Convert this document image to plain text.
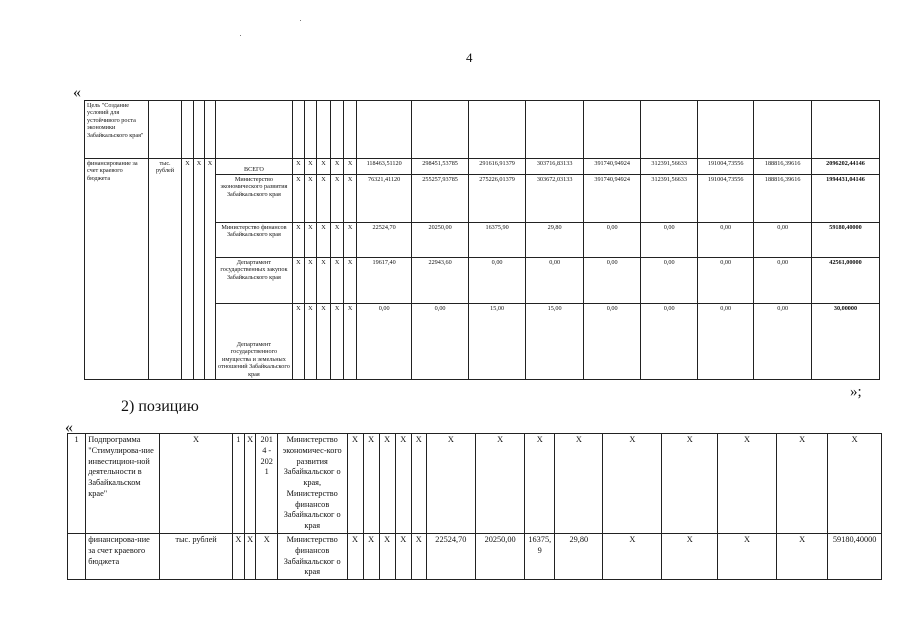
4
«
Цель "Создание условий для устойчивого роста экономики Забайкальского края"																			
финансирование за счет краевого бюджета	тыс. рублей	X	X	X	ВСЕГО	X	X	X	X	X	118463,51120	298451,53785	291616,91379	303716,83133	391740,94924	312391,56633	191004,73556	188816,39616	2096202,44146
					Министерство экономического развития Забайкальского края	X	X	X	X	X	76321,41120	255257,93785	275226,01379	303672,03133	391740,94924	312391,56633	191004,73556	188816,39616	1994431,04146
					Министерство финансов Забайкальского края	X	X	X	X	X	22524,70	20250,00	16375,90	29,80	0,00	0,00	0,00	0,00	59180,40000
					Департамент государственных закупок Забайкальского края	X	X	X	X	X	19617,40	22943,60	0,00	0,00	0,00	0,00	0,00	0,00	42561,00000
					Департамент государственного имущества и земельных отношений Забайкальского края	X	X	X	X	X	0,00	0,00	15,00	15,00	0,00	0,00	0,00	0,00	30,00000
»;
2) позицию
«
1	Подпрограмма "Стимулирова-ние инвестицион-ной деятельности в Забайкальском крае"	X	1	X	2014 - 2021	Министерство экономичес-кого развития Забайкальског о края, Министерство финансов Забайкальског о края	X	X	X	X	X	X	X	X	X	X	X	X	X	X
	финансирова-ние за счет краевого бюджета	тыс. рублей	X	X	X	Министерство финансов Забайкальског о края	X	X	X	X	X	22524,70	20250,00	16375,9	29,80	X	X	X	X	59180,40000
